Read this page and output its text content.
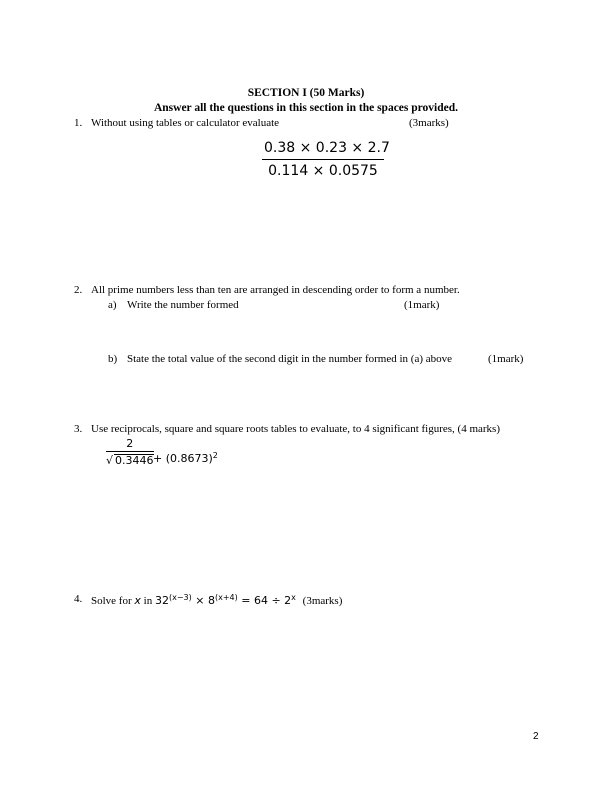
SECTION I (50 Marks)
Answer all the questions in this section in the spaces provided.
1. Without using tables or calculator evaluate	(3marks)
$\frac{0.38 \times 0.23 \times 2.7}{0.114 \times 0.0575}$
2. All prime numbers less than ten are arranged in descending order to form a number.
a) Write the number formed	(1mark)
b) State the total value of the second digit in the number formed in (a) above	(1mark)
3. Use reciprocals, square and square roots tables to evaluate, to 4 significant figures, (4 marks)
$\frac{2}{√ 0.3446} + (0.8673)^2$
4. Solve for x in $32^{(x-3)} \times 8^{(x+4)} = 64 \div 2^x$ (3marks)
2
